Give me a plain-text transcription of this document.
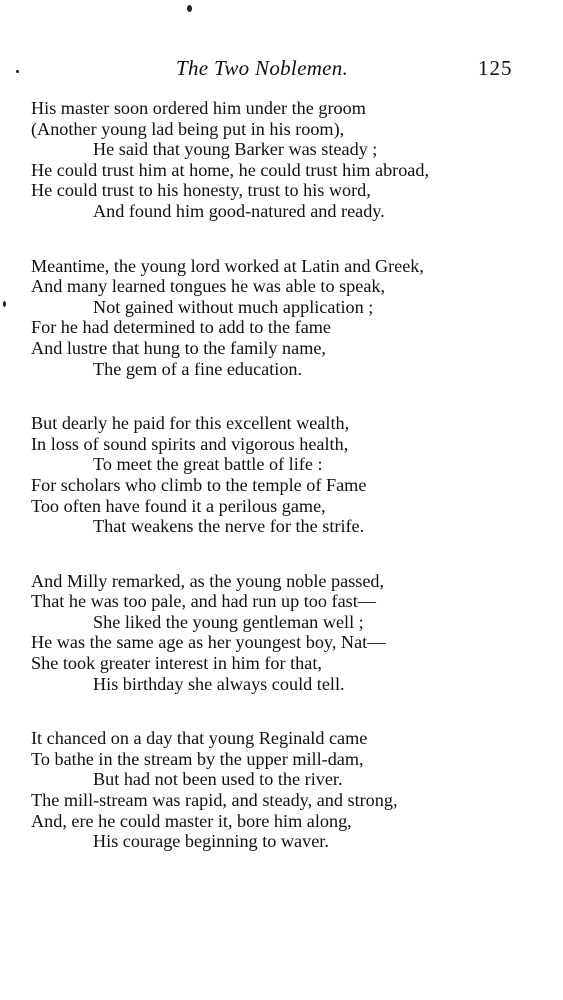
The Two Noblemen.	125
His master soon ordered him under the groom
(Another young lad being put in his room),
He said that young Barker was steady ;
He could trust him at home, he could trust him abroad,
He could trust to his honesty, trust to his word,
And found him good-natured and ready.
Meantime, the young lord worked at Latin and Greek,
And many learned tongues he was able to speak,
Not gained without much application ;
For he had determined to add to the fame
And lustre that hung to the family name,
The gem of a fine education.
But dearly he paid for this excellent wealth,
In loss of sound spirits and vigorous health,
To meet the great battle of life :
For scholars who climb to the temple of Fame
Too often have found it a perilous game,
That weakens the nerve for the strife.
And Milly remarked, as the young noble passed,
That he was too pale, and had run up too fast—
She liked the young gentleman well ;
He was the same age as her youngest boy, Nat—
She took greater interest in him for that,
His birthday she always could tell.
It chanced on a day that young Reginald came
To bathe in the stream by the upper mill-dam,
But had not been used to the river.
The mill-stream was rapid, and steady, and strong,
And, ere he could master it, bore him along,
His courage beginning to waver.
